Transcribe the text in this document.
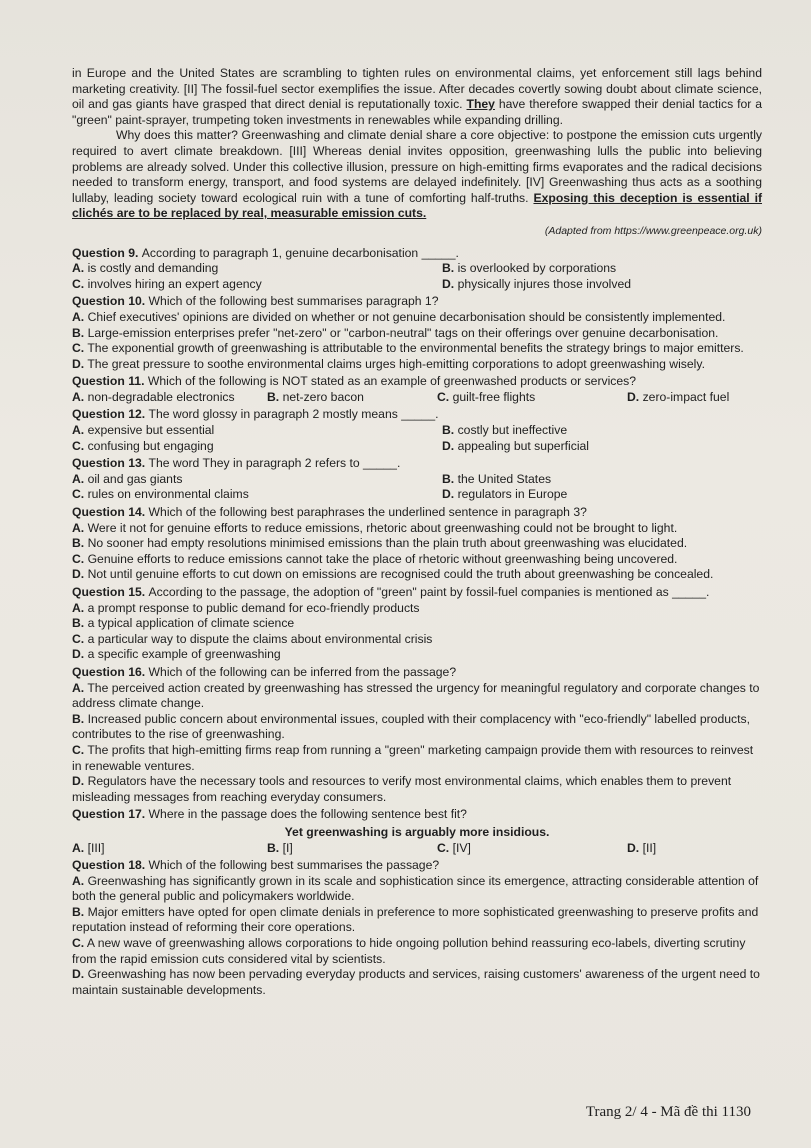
in Europe and the United States are scrambling to tighten rules on environmental claims, yet enforcement still lags behind marketing creativity. [II] The fossil-fuel sector exemplifies the issue. After decades covertly sowing doubt about climate science, oil and gas giants have grasped that direct denial is reputationally toxic. They have therefore swapped their denial tactics for a "green" paint-sprayer, trumpeting token investments in renewables while expanding drilling.

Why does this matter? Greenwashing and climate denial share a core objective: to postpone the emission cuts urgently required to avert climate breakdown. [III] Whereas denial invites opposition, greenwashing lulls the public into believing problems are already solved. Under this collective illusion, pressure on high-emitting firms evaporates and the radical decisions needed to transform energy, transport, and food systems are delayed indefinitely. [IV] Greenwashing thus acts as a soothing lullaby, leading society toward ecological ruin with a tune of comforting half-truths. Exposing this deception is essential if clichés are to be replaced by real, measurable emission cuts.

(Adapted from https://www.greenpeace.org.uk)
Question 9. According to paragraph 1, genuine decarbonisation _____.
A. is costly and demanding	B. is overlooked by corporations
C. involves hiring an expert agency	D. physically injures those involved
Question 10. Which of the following best summarises paragraph 1?
A. Chief executives' opinions are divided on whether or not genuine decarbonisation should be consistently implemented.
B. Large-emission enterprises prefer "net-zero" or "carbon-neutral" tags on their offerings over genuine decarbonisation.
C. The exponential growth of greenwashing is attributable to the environmental benefits the strategy brings to major emitters.
D. The great pressure to soothe environmental claims urges high-emitting corporations to adopt greenwashing wisely.
Question 11. Which of the following is NOT stated as an example of greenwashed products or services?
A. non-degradable electronics	B. net-zero bacon	C. guilt-free flights	D. zero-impact fuel
Question 12. The word glossy in paragraph 2 mostly means _____.
A. expensive but essential	B. costly but ineffective
C. confusing but engaging	D. appealing but superficial
Question 13. The word They in paragraph 2 refers to _____.
A. oil and gas giants	B. the United States
C. rules on environmental claims	D. regulators in Europe
Question 14. Which of the following best paraphrases the underlined sentence in paragraph 3?
A. Were it not for genuine efforts to reduce emissions, rhetoric about greenwashing could not be brought to light.
B. No sooner had empty resolutions minimised emissions than the plain truth about greenwashing was elucidated.
C. Genuine efforts to reduce emissions cannot take the place of rhetoric without greenwashing being uncovered.
D. Not until genuine efforts to cut down on emissions are recognised could the truth about greenwashing be concealed.
Question 15. According to the passage, the adoption of "green" paint by fossil-fuel companies is mentioned as _____.
A. a prompt response to public demand for eco-friendly products
B. a typical application of climate science
C. a particular way to dispute the claims about environmental crisis
D. a specific example of greenwashing
Question 16. Which of the following can be inferred from the passage?
A. The perceived action created by greenwashing has stressed the urgency for meaningful regulatory and corporate changes to address climate change.
B. Increased public concern about environmental issues, coupled with their complacency with "eco-friendly" labelled products, contributes to the rise of greenwashing.
C. The profits that high-emitting firms reap from running a "green" marketing campaign provide them with resources to reinvest in renewable ventures.
D. Regulators have the necessary tools and resources to verify most environmental claims, which enables them to prevent misleading messages from reaching everyday consumers.
Question 17. Where in the passage does the following sentence best fit?
Yet greenwashing is arguably more insidious.
A. [III]	B. [I]	C. [IV]	D. [II]
Question 18. Which of the following best summarises the passage?
A. Greenwashing has significantly grown in its scale and sophistication since its emergence, attracting considerable attention of both the general public and policymakers worldwide.
B. Major emitters have opted for open climate denials in preference to more sophisticated greenwashing to preserve profits and reputation instead of reforming their core operations.
C. A new wave of greenwashing allows corporations to hide ongoing pollution behind reassuring eco-labels, diverting scrutiny from the rapid emission cuts considered vital by scientists.
D. Greenwashing has now been pervading everyday products and services, raising customers' awareness of the urgent need to maintain sustainable developments.
Trang 2/ 4 - Mã đề thi 1130
